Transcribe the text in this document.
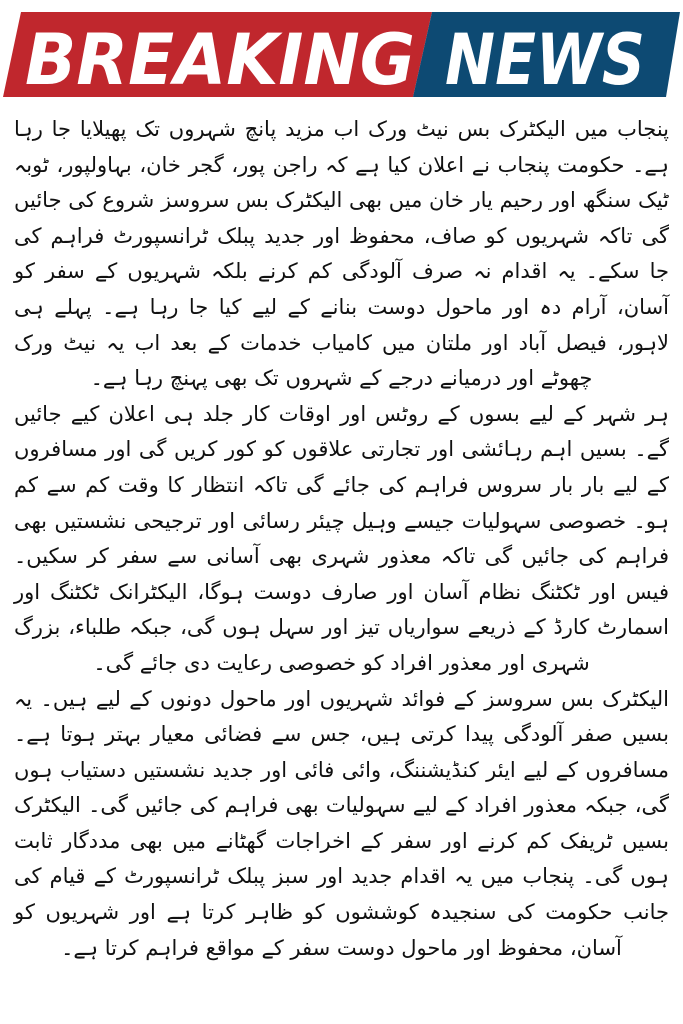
BREAKING NEWS

پنجاب میں الیکٹرک بس نیٹ ورک اب مزید پانچ شہروں تک پھیلایا جا رہا ہے۔ حکومت پنجاب نے اعلان کیا ہے کہ راجن پور، گجر خان، بہاولپور، ٹوبہ ٹیک سنگھ اور رحیم یار خان میں بھی الیکٹرک بس سروسز شروع کی جائیں گی تاکہ شہریوں کو صاف، محفوظ اور جدید پبلک ٹرانسپورٹ فراہم کی جا سکے۔ یہ اقدام نہ صرف آلودگی کم کرنے بلکہ شہریوں کے سفر کو آسان، آرام دہ اور ماحول دوست بنانے کے لیے کیا جا رہا ہے۔ پہلے ہی لاہور، فیصل آباد اور ملتان میں کامیاب خدمات کے بعد اب یہ نیٹ ورک چھوٹے اور درمیانے درجے کے شہروں تک بھی پہنچ رہا ہے۔

ہر شہر کے لیے بسوں کے روٹس اور اوقات کار جلد ہی اعلان کیے جائیں گے۔ بسیں اہم رہائشی اور تجارتی علاقوں کو کور کریں گی اور مسافروں کے لیے بار بار سروس فراہم کی جائے گی تاکہ انتظار کا وقت کم سے کم ہو۔ خصوصی سہولیات جیسے وہیل چیئر رسائی اور ترجیحی نشستیں بھی فراہم کی جائیں گی تاکہ معذور شہری بھی آسانی سے سفر کر سکیں۔ فیس اور ٹکٹنگ نظام آسان اور صارف دوست ہوگا، الیکٹرانک ٹکٹنگ اور اسمارٹ کارڈ کے ذریعے سواریاں تیز اور سہل ہوں گی، جبکہ طلباء، بزرگ شہری اور معذور افراد کو خصوصی رعایت دی جائے گی۔

الیکٹرک بس سروسز کے فوائد شہریوں اور ماحول دونوں کے لیے ہیں۔ یہ بسیں صفر آلودگی پیدا کرتی ہیں، جس سے فضائی معیار بہتر ہوتا ہے۔ مسافروں کے لیے ایئر کنڈیشننگ، وائی فائی اور جدید نشستیں دستیاب ہوں گی، جبکہ معذور افراد کے لیے سہولیات بھی فراہم کی جائیں گی۔ الیکٹرک بسیں ٹریفک کم کرنے اور سفر کے اخراجات گھٹانے میں بھی مددگار ثابت ہوں گی۔ پنجاب میں یہ اقدام جدید اور سبز پبلک ٹرانسپورٹ کے قیام کی جانب حکومت کی سنجیدہ کوششوں کو ظاہر کرتا ہے اور شہریوں کو آسان، محفوظ اور ماحول دوست سفر کے مواقع فراہم کرتا ہے۔
